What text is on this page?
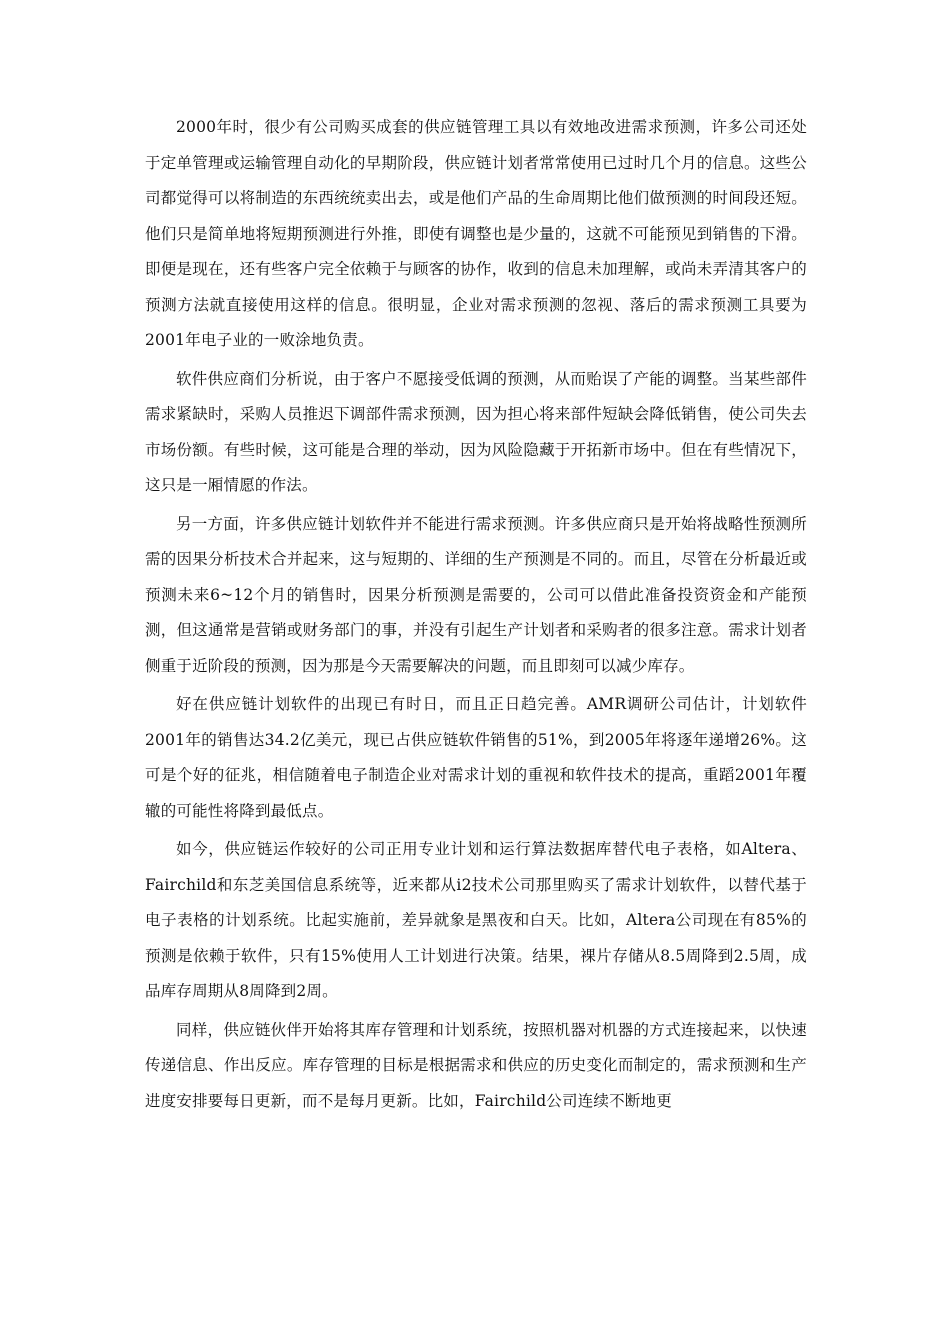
2000年时，很少有公司购买成套的供应链管理工具以有效地改进需求预测，许多公司还处于定单管理或运输管理自动化的早期阶段，供应链计划者常常使用已过时几个月的信息。这些公司都觉得可以将制造的东西统统卖出去，或是他们产品的生命周期比他们做预测的时间段还短。他们只是简单地将短期预测进行外推，即使有调整也是少量的，这就不可能预见到销售的下滑。即便是现在，还有些客户完全依赖于与顾客的协作，收到的信息未加理解，或尚未弄清其客户的预测方法就直接使用这样的信息。很明显，企业对需求预测的忽视、落后的需求预测工具要为2001年电子业的一败涂地负责。

软件供应商们分析说，由于客户不愿接受低调的预测，从而贻误了产能的调整。当某些部件需求紧缺时，采购人员推迟下调部件需求预测，因为担心将来部件短缺会降低销售，使公司失去市场份额。有些时候，这可能是合理的举动，因为风险隐藏于开拓新市场中。但在有些情况下，这只是一厢情愿的作法。

另一方面，许多供应链计划软件并不能进行需求预测。许多供应商只是开始将战略性预测所需的因果分析技术合并起来，这与短期的、详细的生产预测是不同的。而且，尽管在分析最近或预测未来6~12个月的销售时，因果分析预测是需要的，公司可以借此准备投资资金和产能预测，但这通常是营销或财务部门的事，并没有引起生产计划者和采购者的很多注意。需求计划者侧重于近阶段的预测，因为那是今天需要解决的问题，而且即刻可以减少库存。

好在供应链计划软件的出现已有时日，而且正日趋完善。AMR调研公司估计，计划软件2001年的销售达34.2亿美元，现已占供应链软件销售的51%，到2005年将逐年递增26%。这可是个好的征兆，相信随着电子制造企业对需求计划的重视和软件技术的提高，重蹈2001年覆辙的可能性将降到最低点。

如今，供应链运作较好的公司正用专业计划和运行算法数据库替代电子表格，如Altera、Fairchild和东芝美国信息系统等，近来都从i2技术公司那里购买了需求计划软件，以替代基于电子表格的计划系统。比起实施前，差异就象是黑夜和白天。比如，Altera公司现在有85%的预测是依赖于软件，只有15%使用人工计划进行决策。结果，裸片存储从8.5周降到2.5周，成品库存周期从8周降到2周。

同样，供应链伙伴开始将其库存管理和计划系统，按照机器对机器的方式连接起来，以快速传递信息、作出反应。库存管理的目标是根据需求和供应的历史变化而制定的，需求预测和生产进度安排要每日更新，而不是每月更新。比如，Fairchild公司连续不断地更
